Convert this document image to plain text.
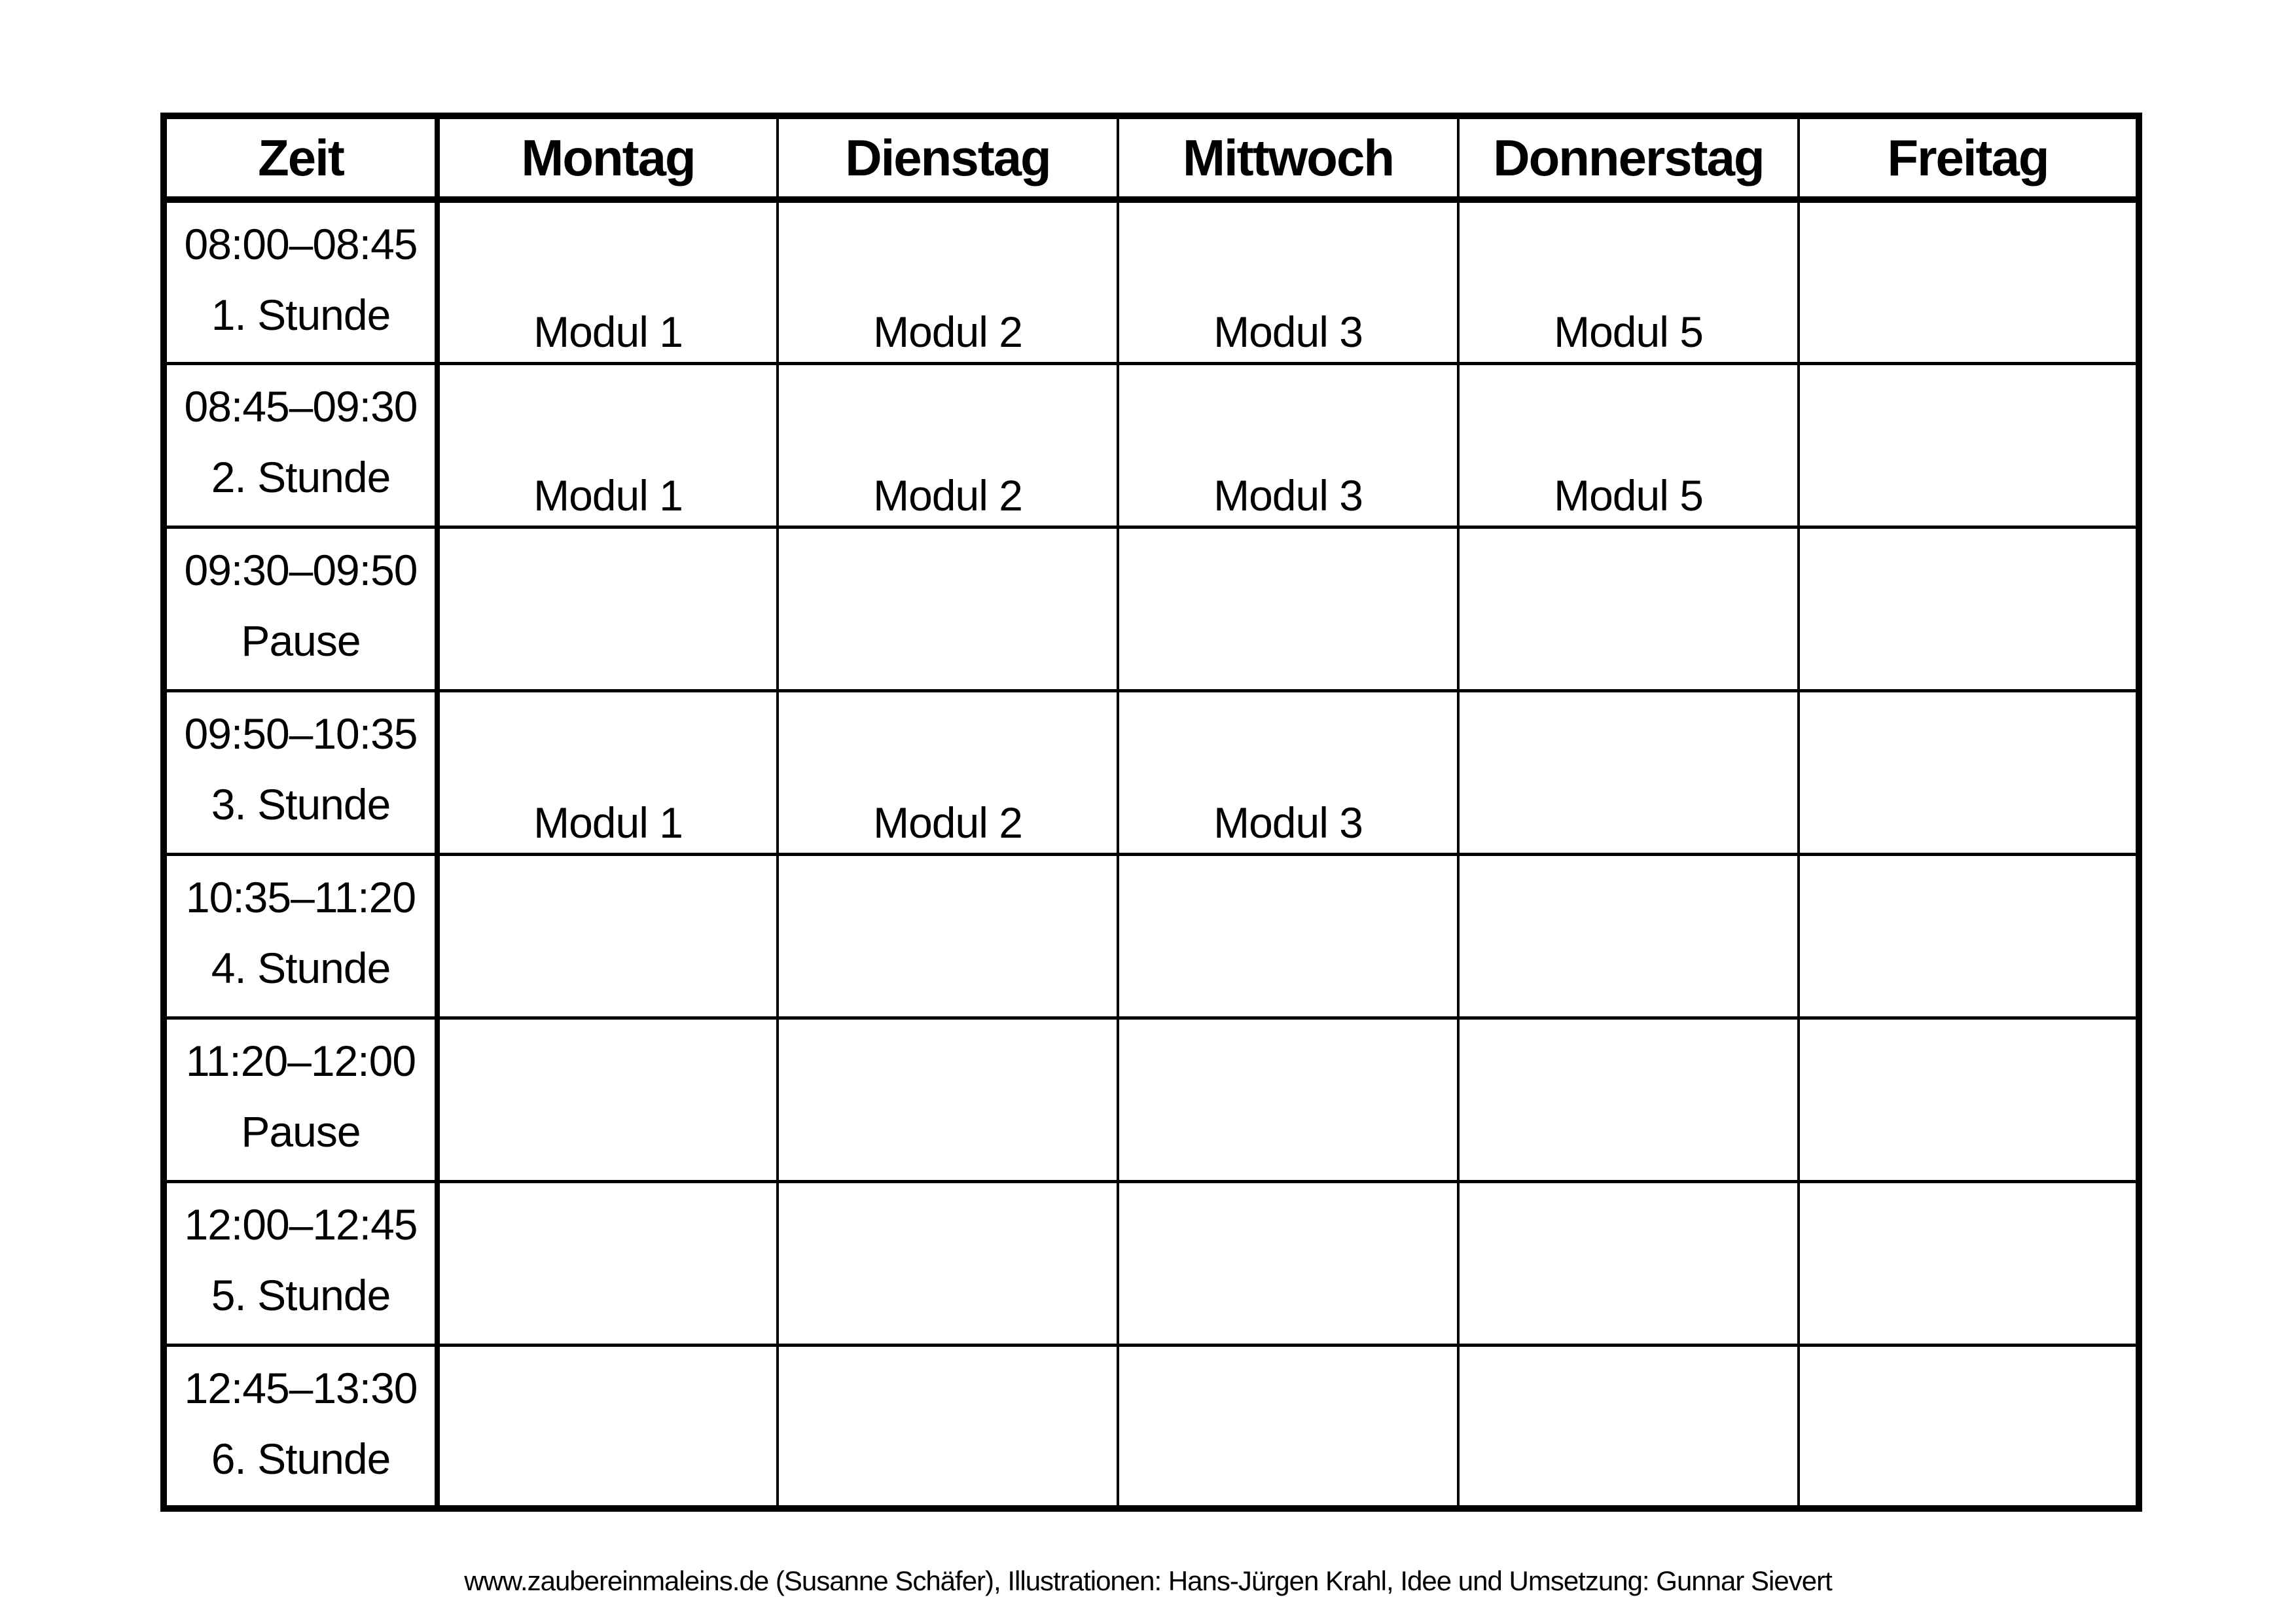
Zeit	Montag	Dienstag	Mittwoch	Donnerstag	Freitag

08:00–08:45
1. Stunde	Modul 1	Modul 2	Modul 3	Modul 5	

08:45–09:30
2. Stunde	Modul 1	Modul 2	Modul 3	Modul 5	

09:30–09:50
Pause					

09:50–10:35
3. Stunde	Modul 1	Modul 2	Modul 3		

10:35–11:20
4. Stunde					

11:20–12:00
Pause					

12:00–12:45
5. Stunde					

12:45–13:30
6. Stunde					

www.zaubereinmaleins.de (Susanne Schäfer), Illustrationen: Hans-Jürgen Krahl, Idee und Umsetzung: Gunnar Sievert
